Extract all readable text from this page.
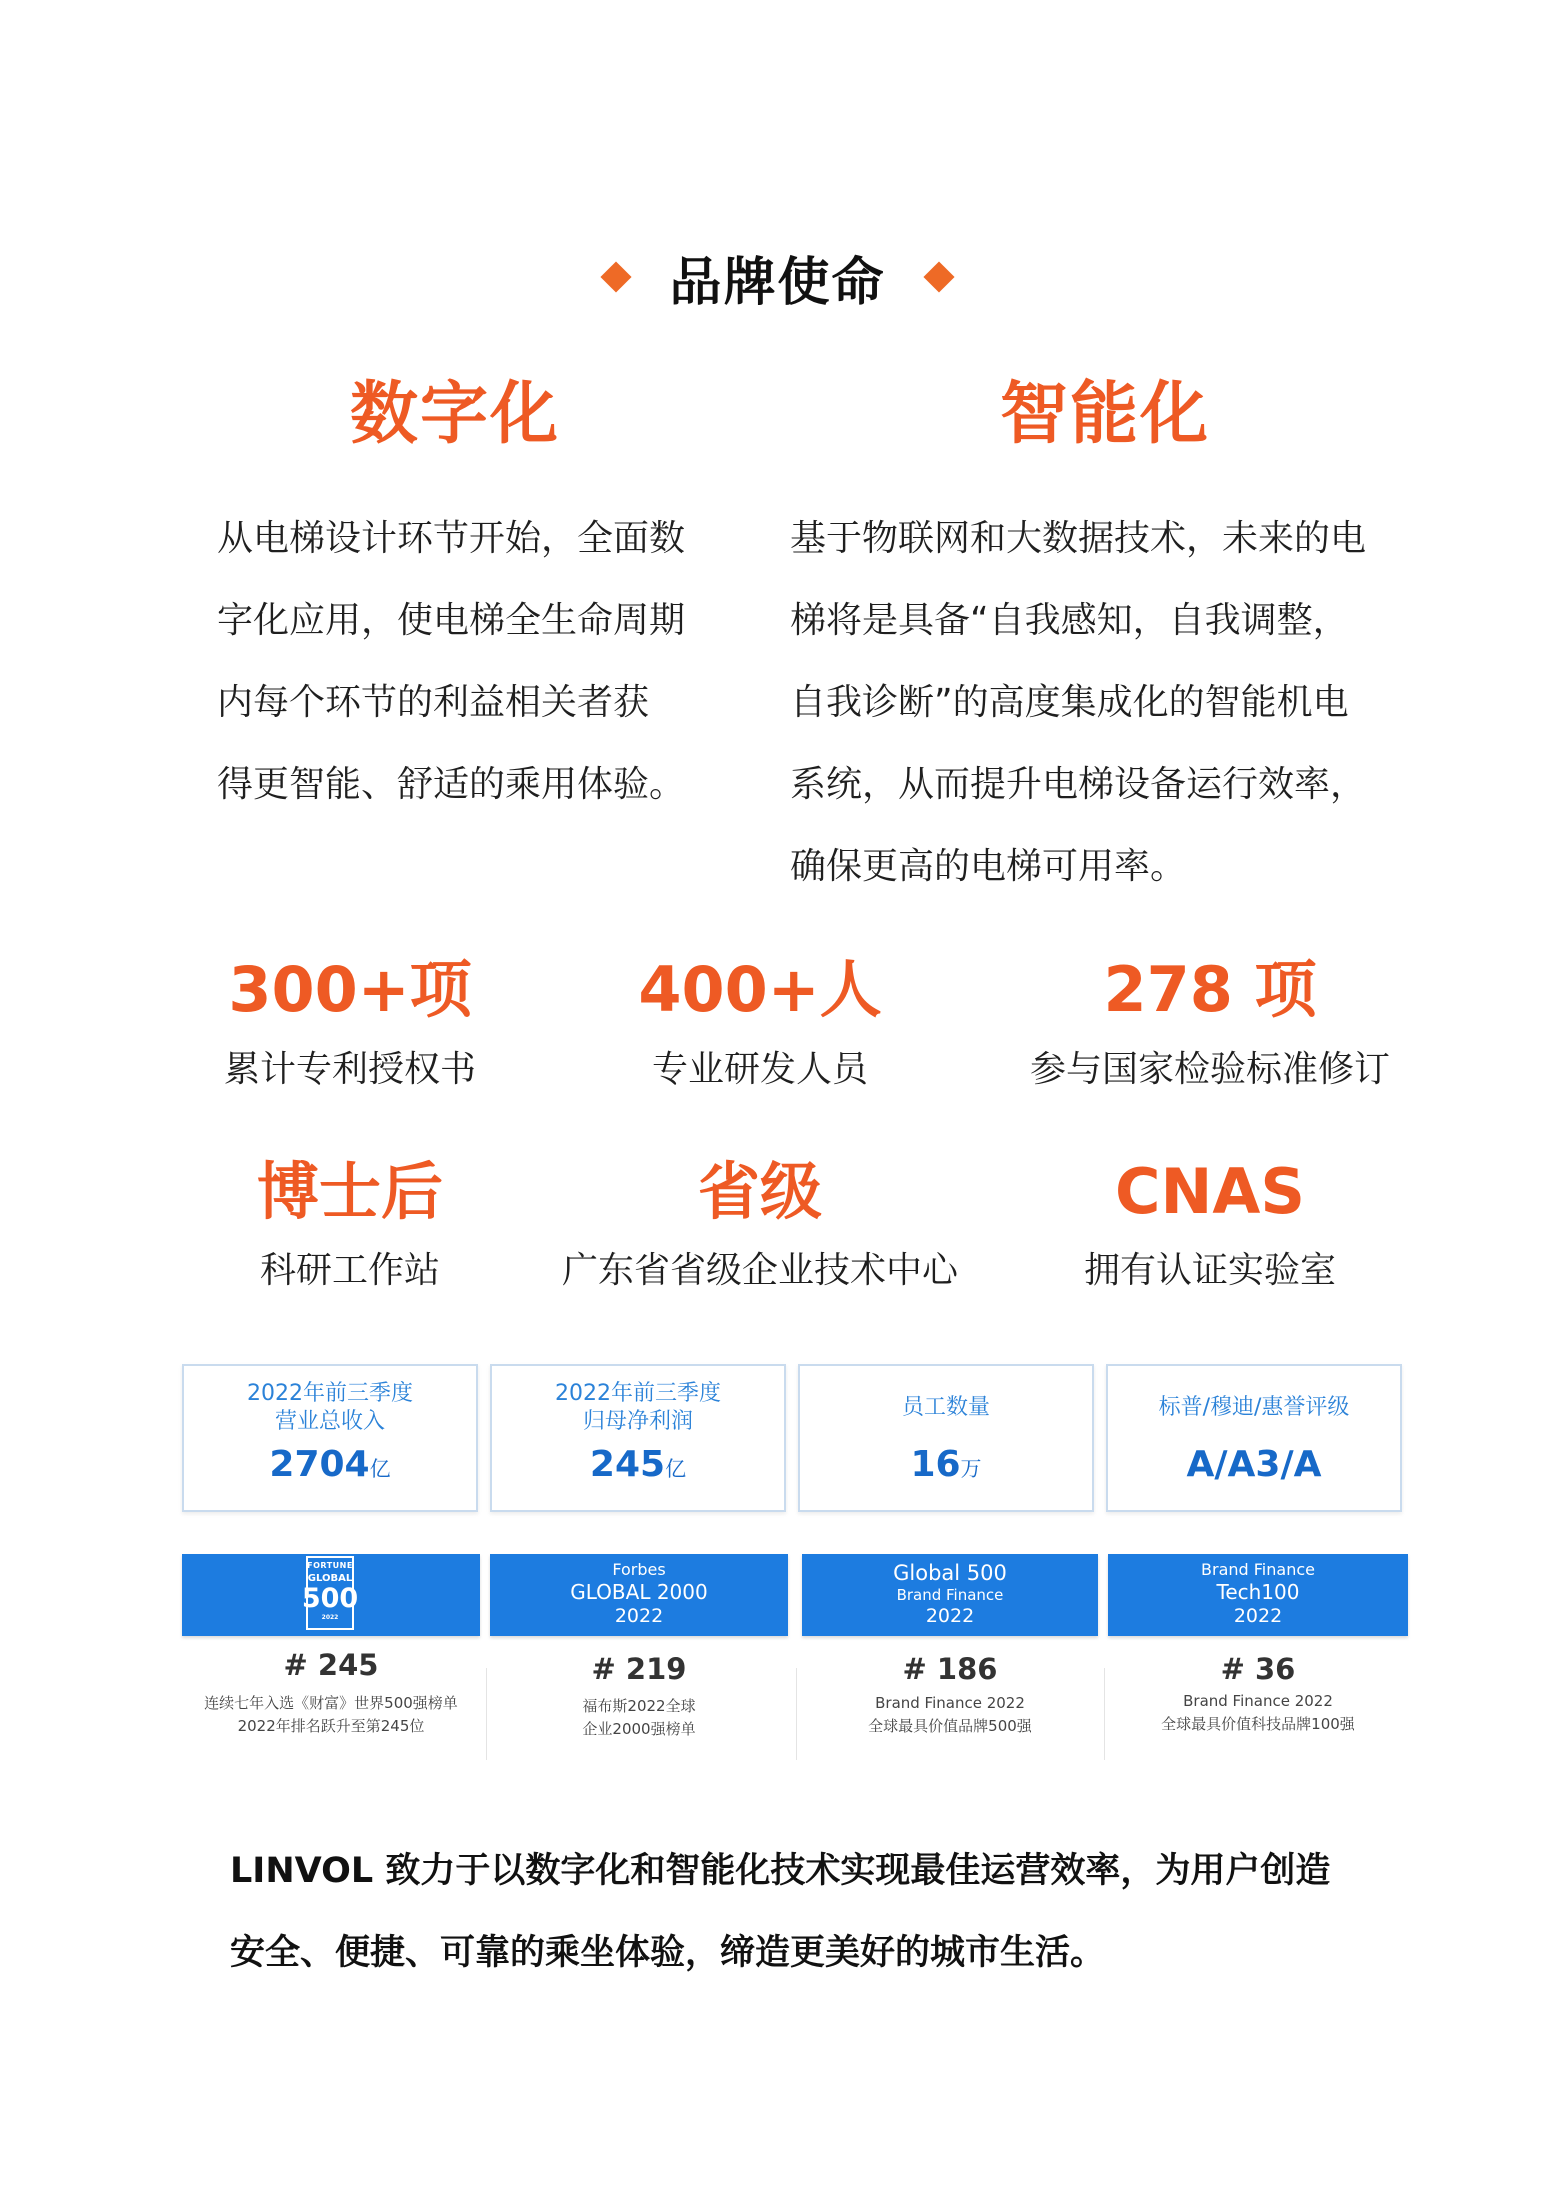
品牌使命
数字化	智能化
从电梯设计环节开始，全面数
字化应用，使电梯全生命周期
内每个环节的利益相关者获
得更智能、舒适的乘用体验。
基于物联网和大数据技术，未来的电
梯将是具备“自我感知，自我调整，
自我诊断”的高度集成化的智能机电
系统，从而提升电梯设备运行效率，
确保更高的电梯可用率。
300+项
累计专利授权书
400+人
专业研发人员
278 项
参与国家检验标准修订
博士后
科研工作站
省级
广东省省级企业技术中心
CNAS
拥有认证实验室
2022年前三季度
营业总收入
2704亿
2022年前三季度
归母净利润
245亿
员工数量
16万
标普/穆迪/惠誉评级
A/A3/A
FORTUNE
GLOBAL
500
2022
Forbes
GLOBAL 2000
2022
Global 500
Brand Finance
2022
Brand Finance
Tech100
2022
# 245
连续七年入选《财富》世界500强榜单
2022年排名跃升至第245位
# 219
福布斯2022全球
企业2000强榜单
# 186
Brand Finance 2022
全球最具价值品牌500强
# 36
Brand Finance 2022
全球最具价值科技品牌100强
LINVOL 致力于以数字化和智能化技术实现最佳运营效率，为用户创造
安全、便捷、可靠的乘坐体验，缔造更美好的城市生活。
